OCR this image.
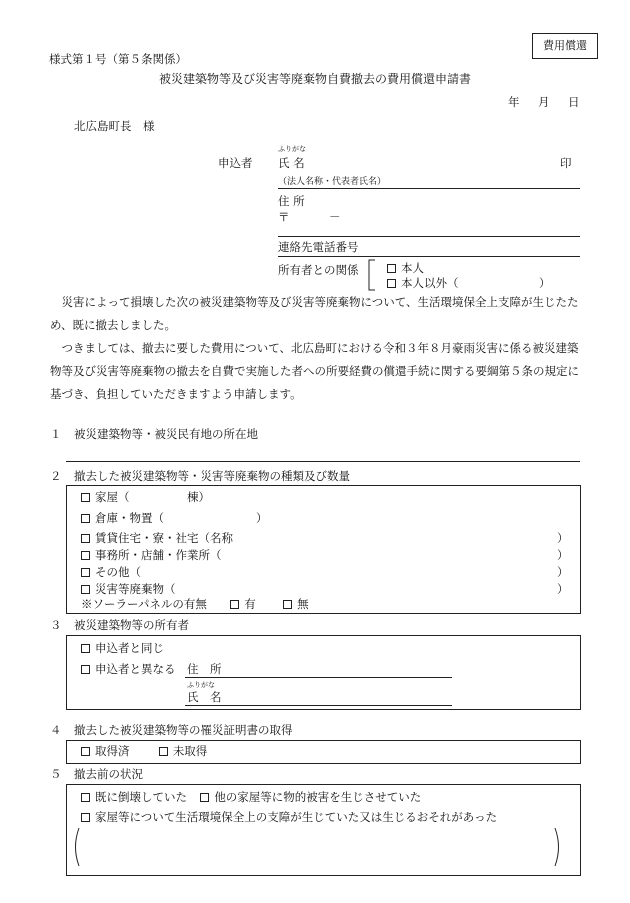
費用償還
様式第１号（第５条関係）
被災建築物等及び災害等廃棄物自費撤去の費用償還申請書
年 月 日
北広島町長　様
申込者
ふりがな
氏 名	印
（法人名称・代表者氏名）
住 所
〒	－
連絡先電話番号
所有者との関係	本人
本人以外（　　　　　　　）

災害によって損壊した次の被災建築物等及び災害等廃棄物について、生活環境保全上支障が生じたため、既に撤去しました。

つきましては、撤去に要した費用について、北広島町における令和３年８月豪雨災害に係る被災建築物等及び災害等廃棄物の撤去を自費で実施した者への所要経費の償還手続に関する要綱第５条の規定に基づき、負担していただきますよう申請します。

１ 被災建築物等・被災民有地の所在地
２ 撤去した被災建築物等・災害等廃棄物の種類及び数量
家屋（　　　　　棟）
倉庫・物置（　　　　　　　　）
賃貸住宅・寮・社宅（名称
事務所・店舗・作業所（
その他（
災害等廃棄物（
）
）
）
）
※ソーラーパネルの有無	有	無
３ 被災建築物等の所有者
申込者と同じ
申込者と異なる 住　所
ふりがな
氏　名
４ 撤去した被災建築物等の罹災証明書の取得
取得済	未取得
５ 撤去前の状況
既に倒壊していた 他の家屋等に物的被害を生じさせていた
家屋等について生活環境保全上の支障が生じていた又は生じるおそれがあった
